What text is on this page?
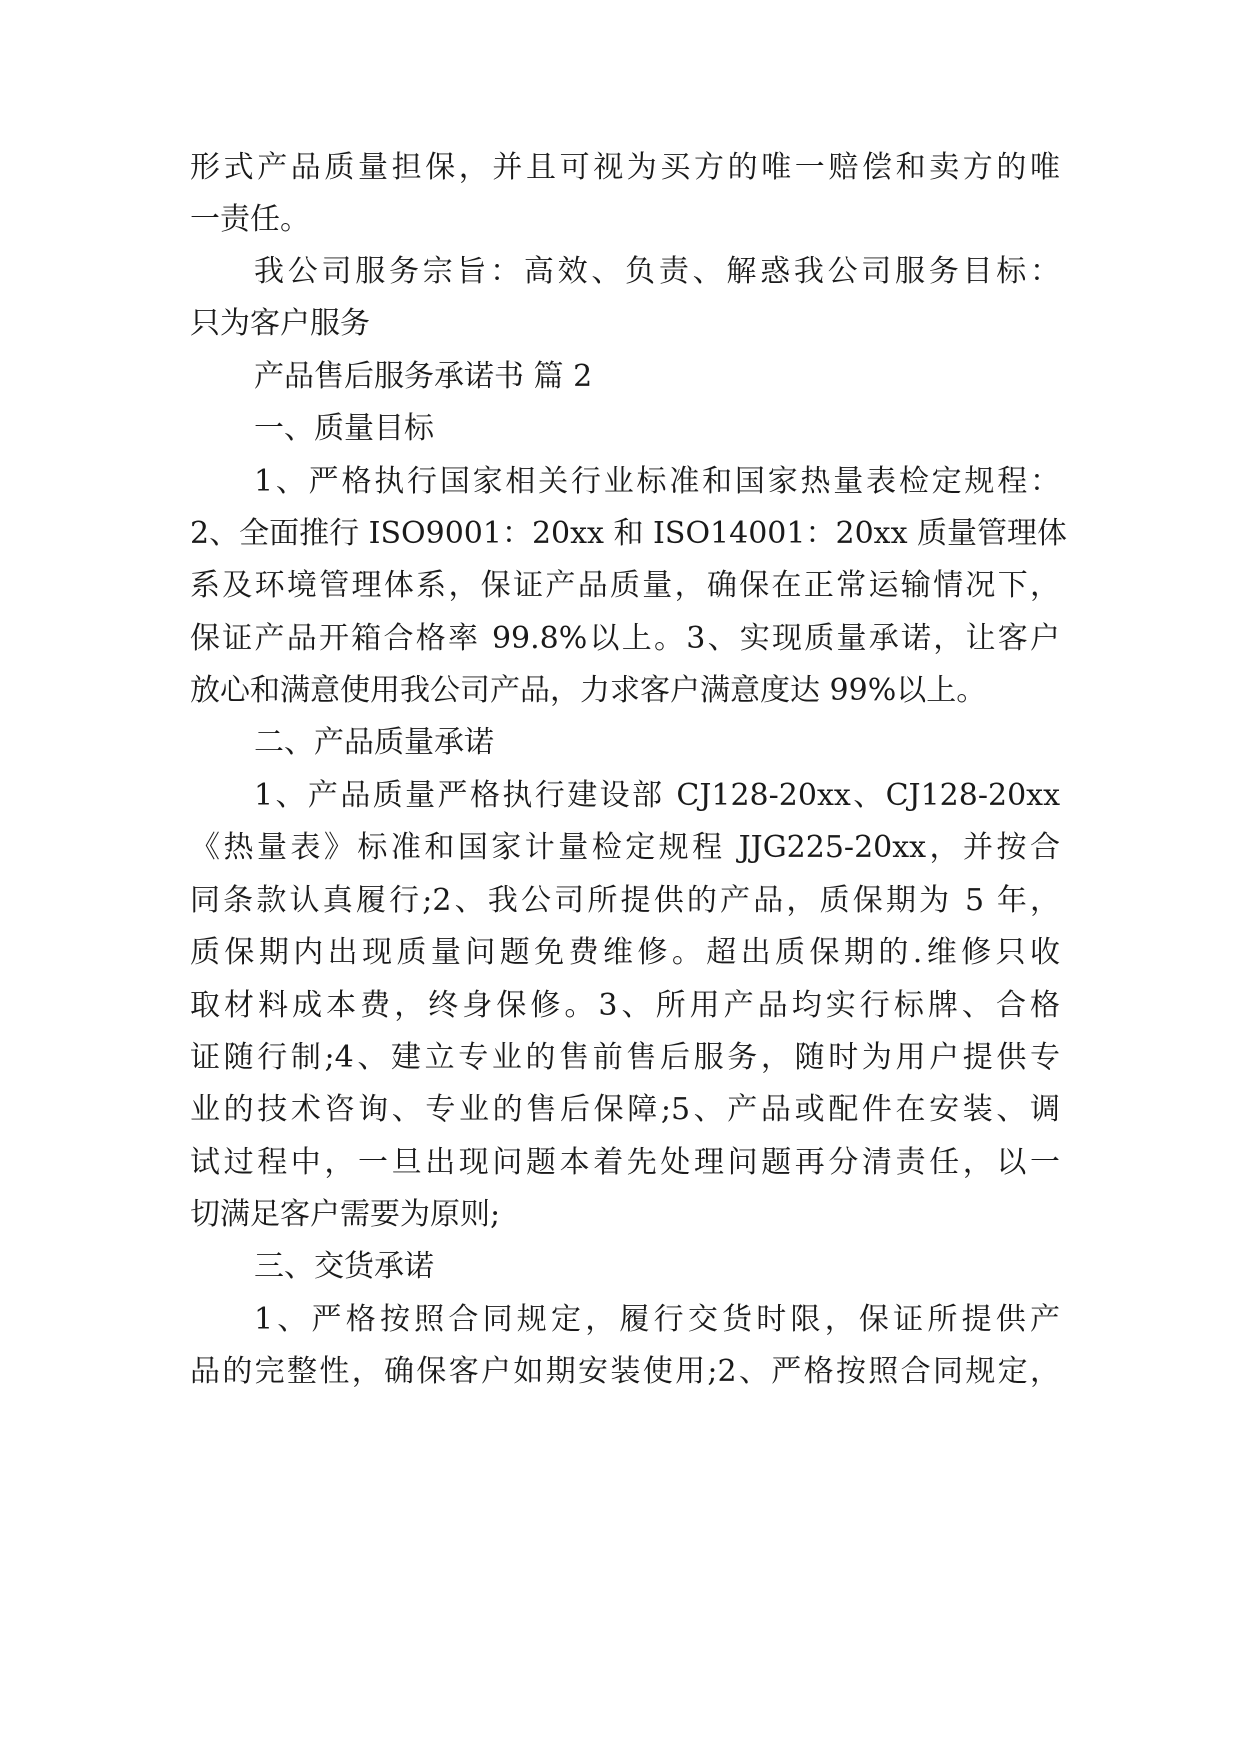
形式产品质量担保，并且可视为买方的唯一赔偿和卖方的唯
一责任。
我公司服务宗旨：高效、负责、解惑我公司服务目标：
只为客户服务
产品售后服务承诺书 篇 2
一、质量目标
1、严格执行国家相关行业标准和国家热量表检定规程：
2、全面推行 ISO9001：20xx 和 ISO14001：20xx 质量管理体
系及环境管理体系，保证产品质量，确保在正常运输情况下，
保证产品开箱合格率 99.8%以上。3、实现质量承诺，让客户
放心和满意使用我公司产品，力求客户满意度达 99%以上。
二、产品质量承诺
1、产品质量严格执行建设部 CJ128-20xx、CJ128-20xx
《热量表》标准和国家计量检定规程 JJG225-20xx，并按合
同条款认真履行;2、我公司所提供的产品，质保期为 5 年，
质保期内出现质量问题免费维修。超出质保期的.维修只收
取材料成本费，终身保修。3、所用产品均实行标牌、合格
证随行制;4、建立专业的售前售后服务，随时为用户提供专
业的技术咨询、专业的售后保障;5、产品或配件在安装、调
试过程中，一旦出现问题本着先处理问题再分清责任，以一
切满足客户需要为原则;
三、交货承诺
1、严格按照合同规定，履行交货时限，保证所提供产
品的完整性，确保客户如期安装使用;2、严格按照合同规定，
